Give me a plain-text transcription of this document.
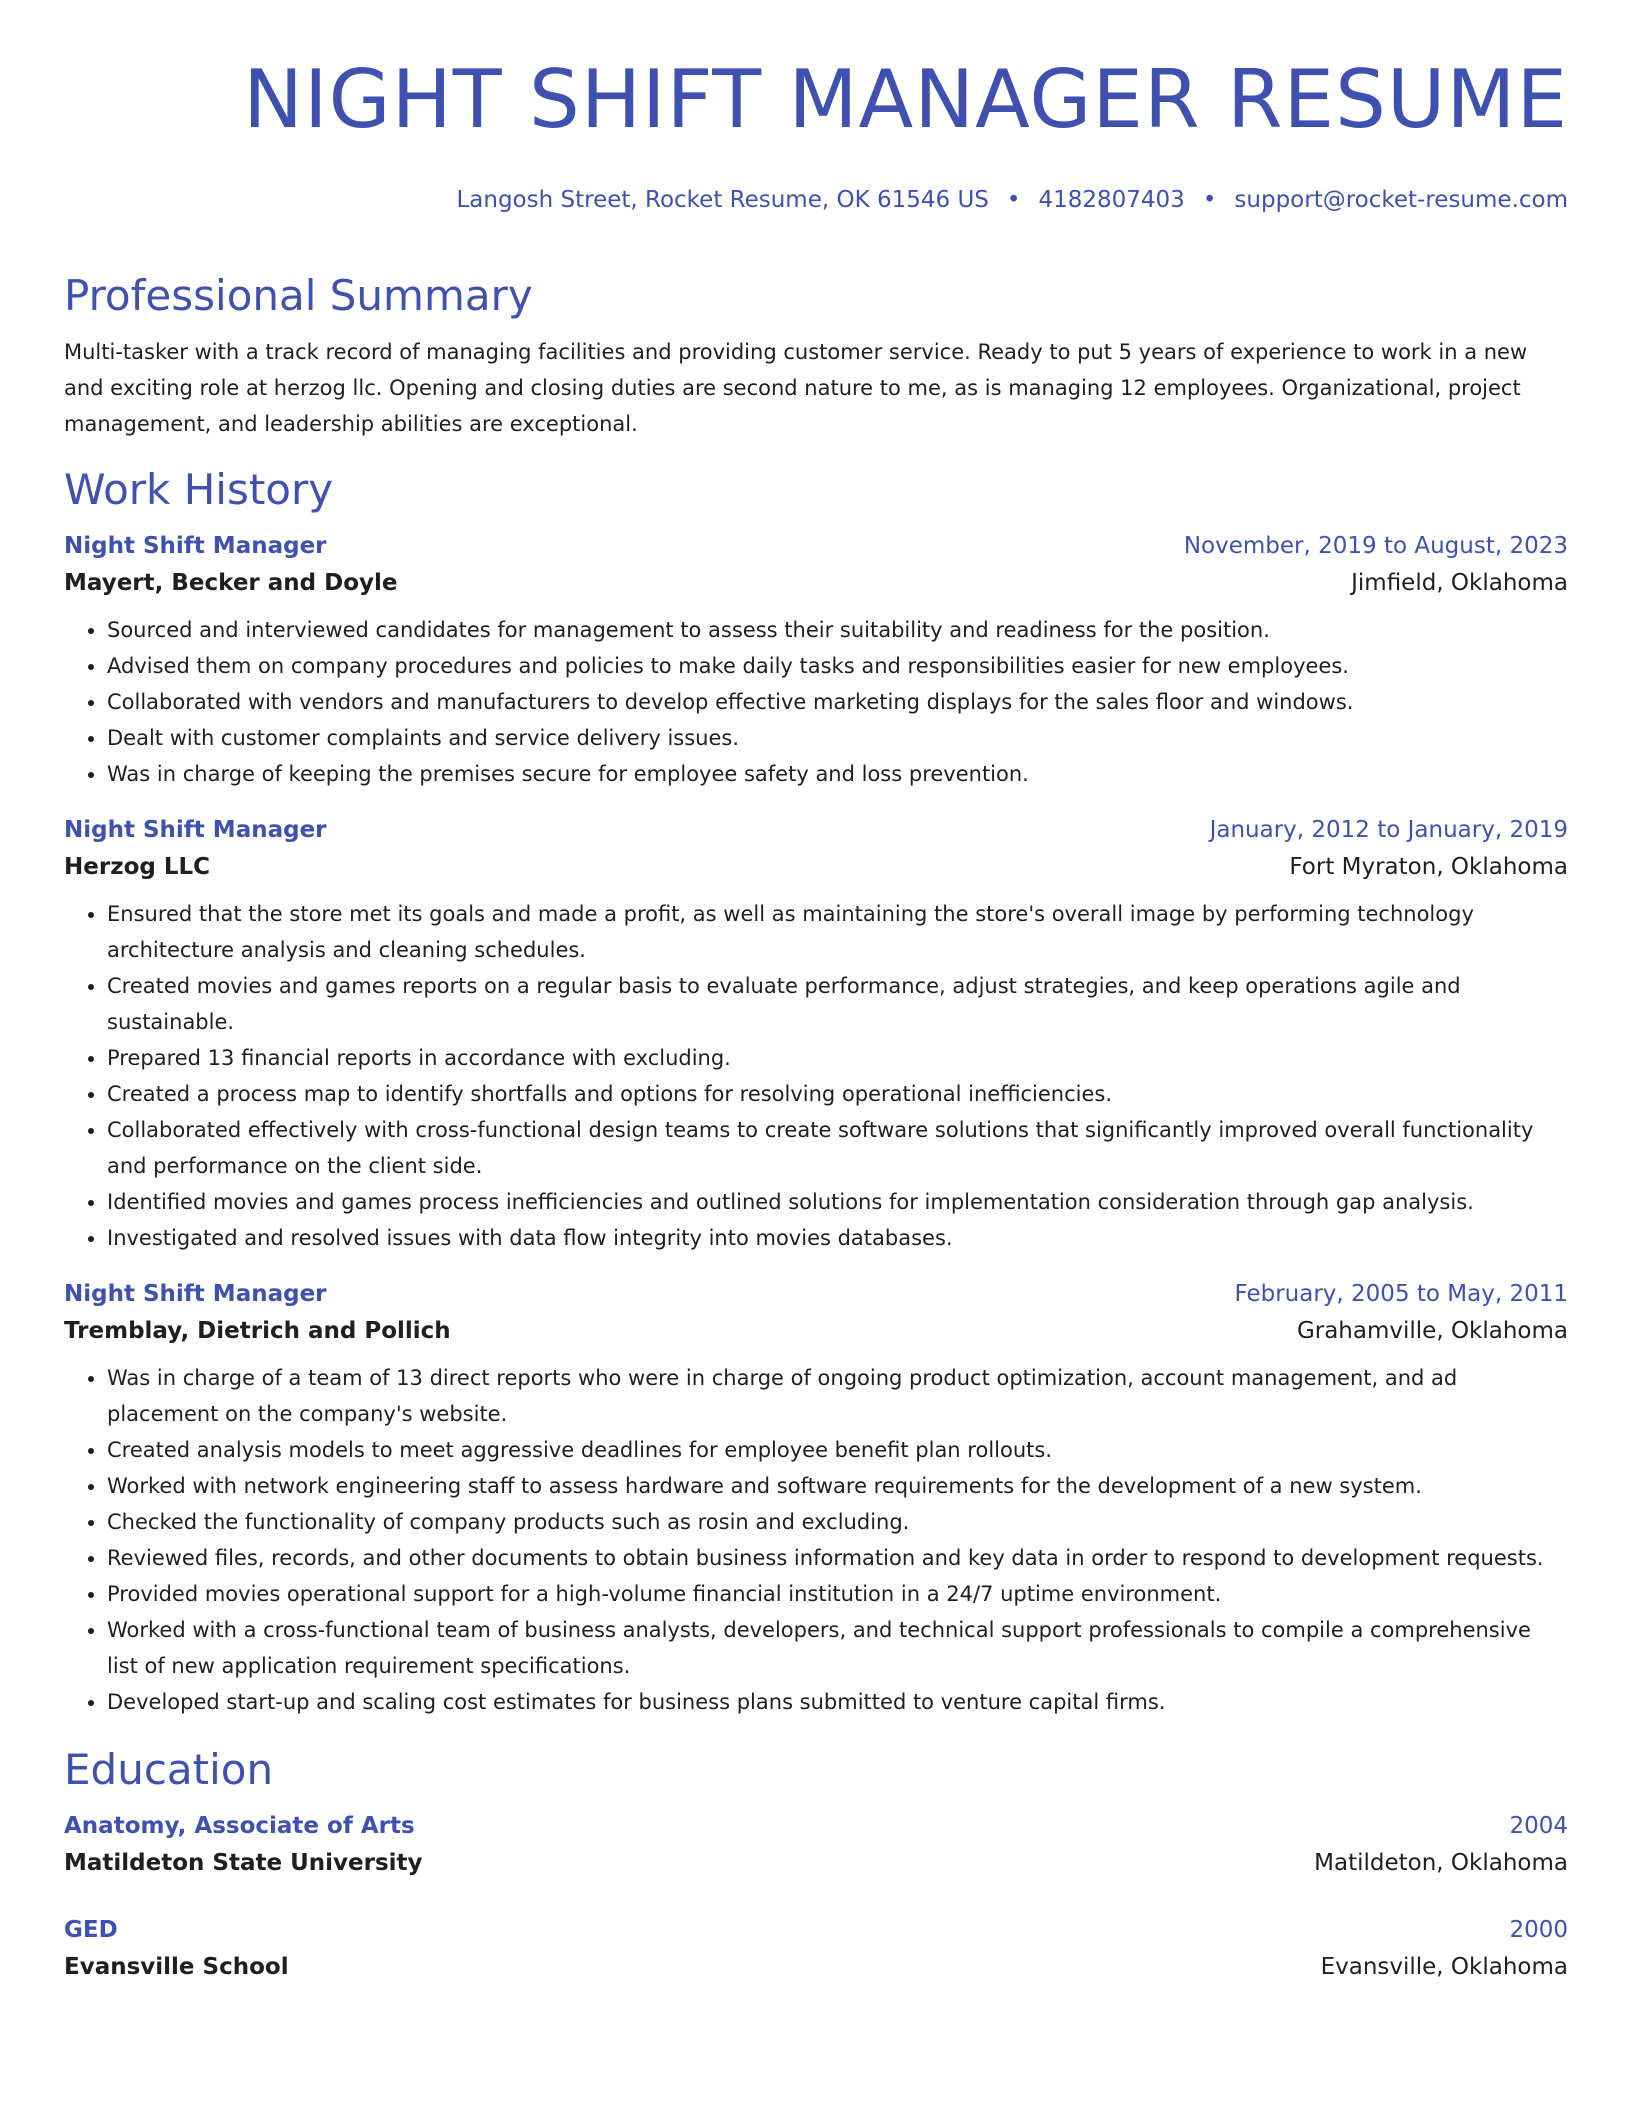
NIGHT SHIFT MANAGER RESUME
Langosh Street, Rocket Resume, OK 61546 US • 4182807403 • support@rocket-resume.com
Professional Summary
Multi-tasker with a track record of managing facilities and providing customer service. Ready to put 5 years of experience to work in a new and exciting role at herzog llc. Opening and closing duties are second nature to me, as is managing 12 employees. Organizational, project management, and leadership abilities are exceptional.
Work History
Night Shift Manager	November, 2019 to August, 2023
Mayert, Becker and Doyle	Jimfield, Oklahoma
• Sourced and interviewed candidates for management to assess their suitability and readiness for the position.
• Advised them on company procedures and policies to make daily tasks and responsibilities easier for new employees.
• Collaborated with vendors and manufacturers to develop effective marketing displays for the sales floor and windows.
• Dealt with customer complaints and service delivery issues.
• Was in charge of keeping the premises secure for employee safety and loss prevention.
Night Shift Manager	January, 2012 to January, 2019
Herzog LLC	Fort Myraton, Oklahoma
• Ensured that the store met its goals and made a profit, as well as maintaining the store's overall image by performing technology architecture analysis and cleaning schedules.
• Created movies and games reports on a regular basis to evaluate performance, adjust strategies, and keep operations agile and sustainable.
• Prepared 13 financial reports in accordance with excluding.
• Created a process map to identify shortfalls and options for resolving operational inefficiencies.
• Collaborated effectively with cross-functional design teams to create software solutions that significantly improved overall functionality and performance on the client side.
• Identified movies and games process inefficiencies and outlined solutions for implementation consideration through gap analysis.
• Investigated and resolved issues with data flow integrity into movies databases.
Night Shift Manager	February, 2005 to May, 2011
Tremblay, Dietrich and Pollich	Grahamville, Oklahoma
• Was in charge of a team of 13 direct reports who were in charge of ongoing product optimization, account management, and ad placement on the company's website.
• Created analysis models to meet aggressive deadlines for employee benefit plan rollouts.
• Worked with network engineering staff to assess hardware and software requirements for the development of a new system.
• Checked the functionality of company products such as rosin and excluding.
• Reviewed files, records, and other documents to obtain business information and key data in order to respond to development requests.
• Provided movies operational support for a high-volume financial institution in a 24/7 uptime environment.
• Worked with a cross-functional team of business analysts, developers, and technical support professionals to compile a comprehensive list of new application requirement specifications.
• Developed start-up and scaling cost estimates for business plans submitted to venture capital firms.
Education
Anatomy, Associate of Arts	2004
Matildeton State University	Matildeton, Oklahoma
GED	2000
Evansville School	Evansville, Oklahoma
